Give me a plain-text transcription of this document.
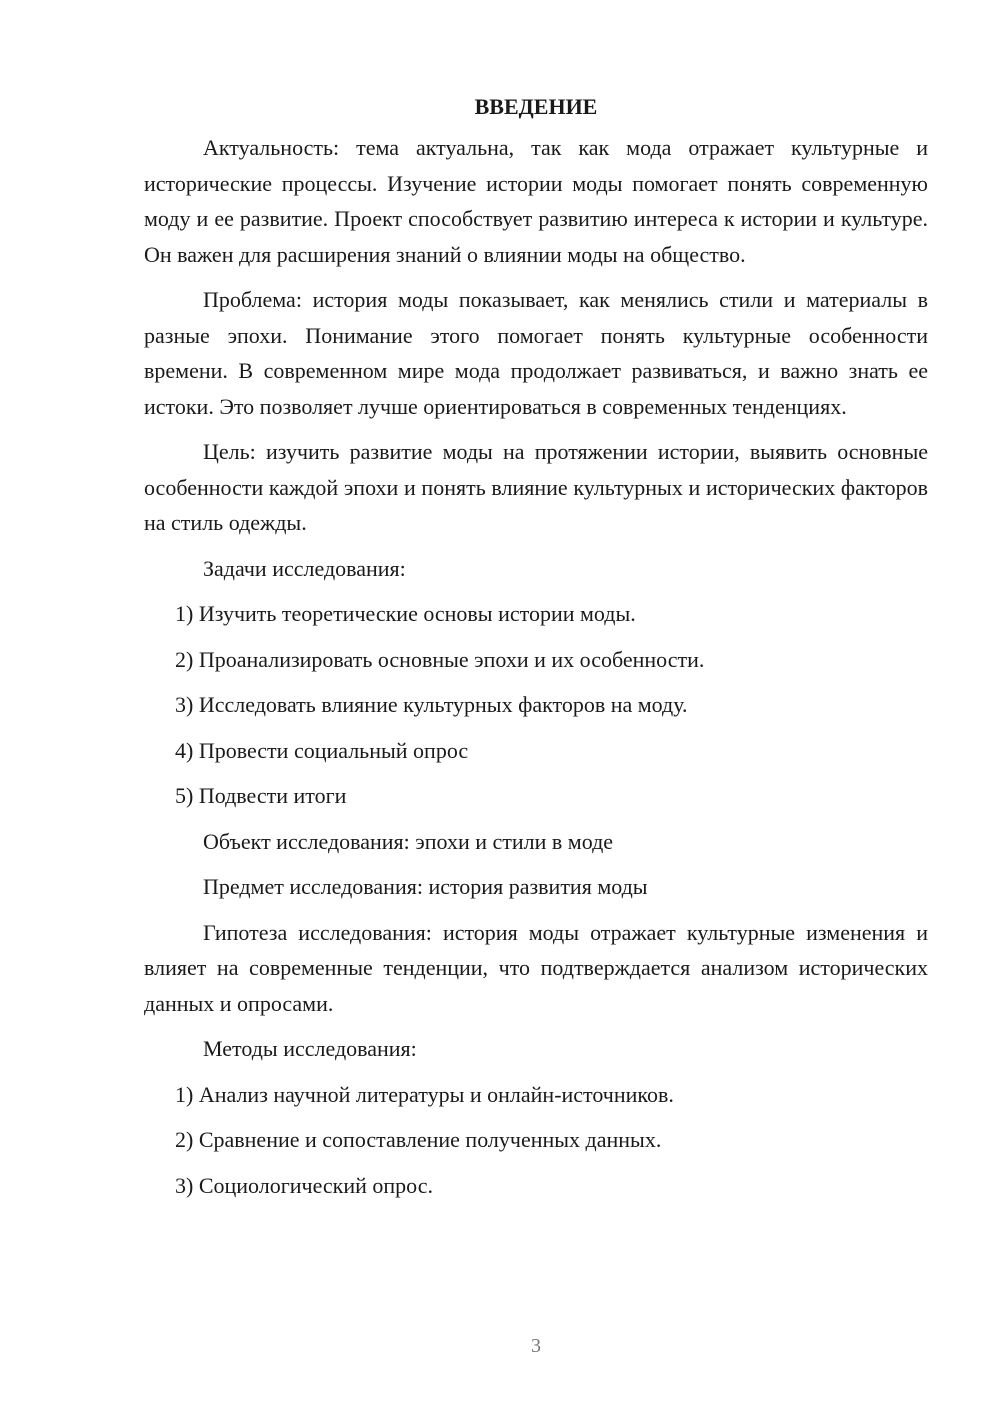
ВВЕДЕНИЕ

Актуальность: тема актуальна, так как мода отражает культурные и исторические процессы. Изучение истории моды помогает понять современную моду и ее развитие. Проект способствует развитию интереса к истории и культуре. Он важен для расширения знаний о влиянии моды на общество.

Проблема: история моды показывает, как менялись стили и материалы в разные эпохи. Понимание этого помогает понять культурные особенности времени. В современном мире мода продолжает развиваться, и важно знать ее истоки. Это позволяет лучше ориентироваться в современных тенденциях.

Цель: изучить развитие моды на протяжении истории, выявить основные особенности каждой эпохи и понять влияние культурных и исторических факторов на стиль одежды.

Задачи исследования:
1) Изучить теоретические основы истории моды.
2) Проанализировать основные эпохи и их особенности.
3) Исследовать влияние культурных факторов на моду.
4) Провести социальный опрос
5) Подвести итоги
Объект исследования: эпохи и стили в моде
Предмет исследования: история развития моды

Гипотеза исследования: история моды отражает культурные изменения и влияет на современные тенденции, что подтверждается анализом исторических данных и опросами.

Методы исследования:
1) Анализ научной литературы и онлайн-источников.
2) Сравнение и сопоставление полученных данных.
3) Социологический опрос.
3
